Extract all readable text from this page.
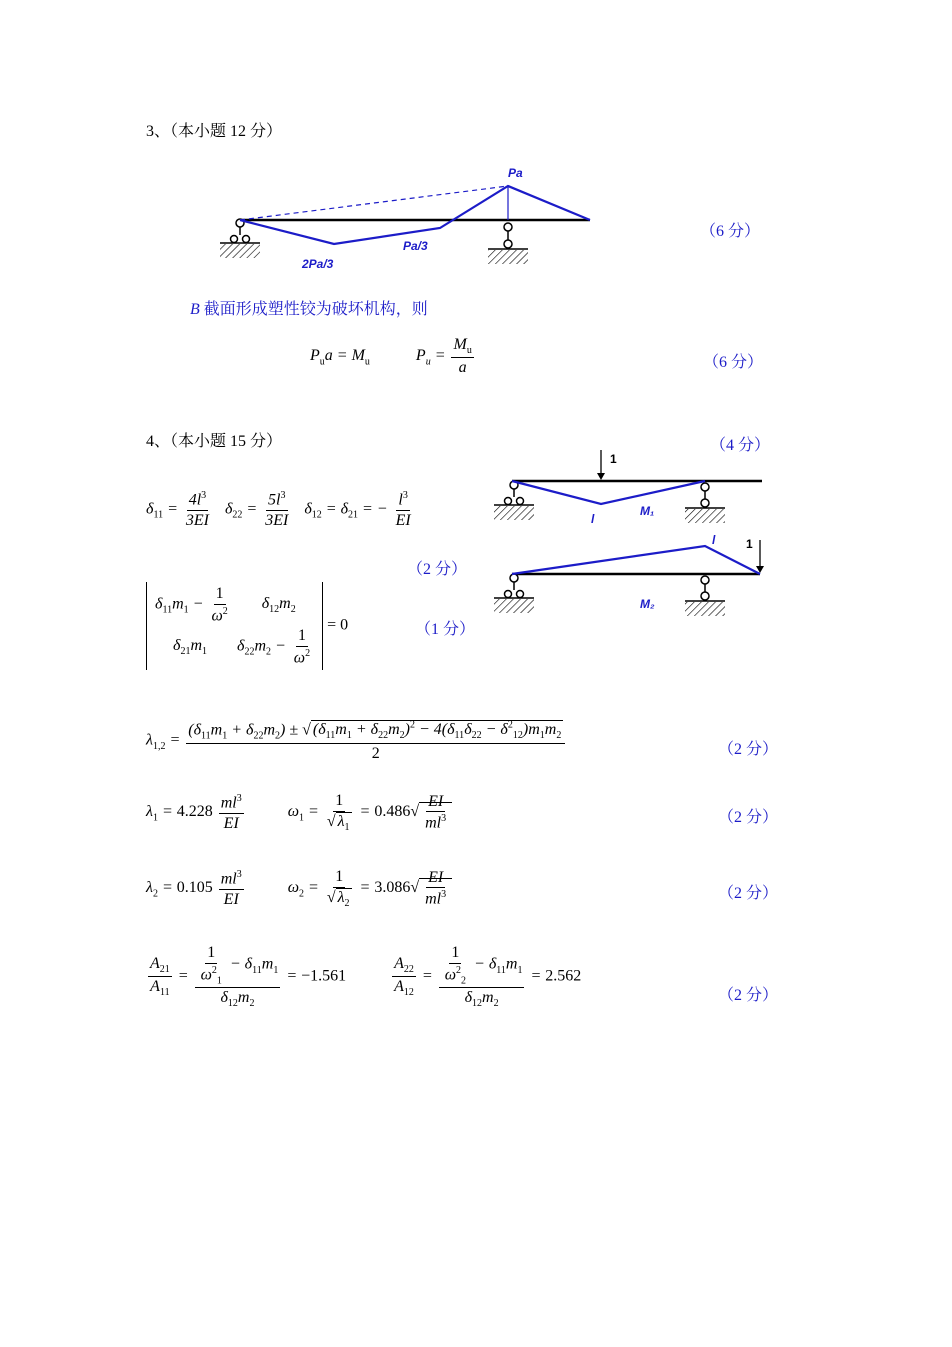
3、（本小题 12 分）
Pa
Pa/3
2Pa/3
（6 分）
B 截面形成塑性铰为破坏机构，则
$P_ua = M_u$	$P_u = \frac{M_u}{a}$	（6 分）
4、（本小题 15 分）	（4 分）
1
l
M₁
1
l
M₂
$\delta_{11} = \frac{4l^3}{3EI} \delta_{22} = \frac{5l^3}{3EI} \delta_{12} = \delta_{21}$ = − $\frac{l^3}{EI}$
（2 分）
$\delta_{11}m_1 - \frac{1}{\omega^2} \delta_{12}m_2$
$\delta_{21}m_1$ $\delta_{22}m_2 - \frac{1}{\omega^2}$
= 0	（1 分）
$\lambda_{1,2} = \frac{(\delta_{11}m_1 + \delta_{22}m_2) \pm √ (\delta_{11}m_1 + \delta_{22}m_2)^2 - 4(\delta_{11}\delta_{22} - \delta^2_{12})m_1m_2}{2}$	（2 分）
$\lambda_1 = 4.228 \frac{ml^3}{EI}$	$\omega_1 = \frac{1}{√ \lambda_1} = 0.486√ \frac{EI}{ml^3}$	（2 分）
$\lambda_2 = 0.105 \frac{ml^3}{EI}$	$\omega_2 = \frac{1}{√ \lambda_2} = 3.086√ \frac{EI}{ml^3}$	（2 分）
$\frac{A_{21}}{A_{11}} = \frac{\frac{1}{\omega^2_1} - \delta_{11}m_1}{\delta_{12}m_2} = -1.561$	$\frac{A_{22}}{A_{12}} = \frac{\frac{1}{\omega^2_2} - \delta_{11}m_1}{\delta_{12}m_2} = 2.562$
（2 分）
